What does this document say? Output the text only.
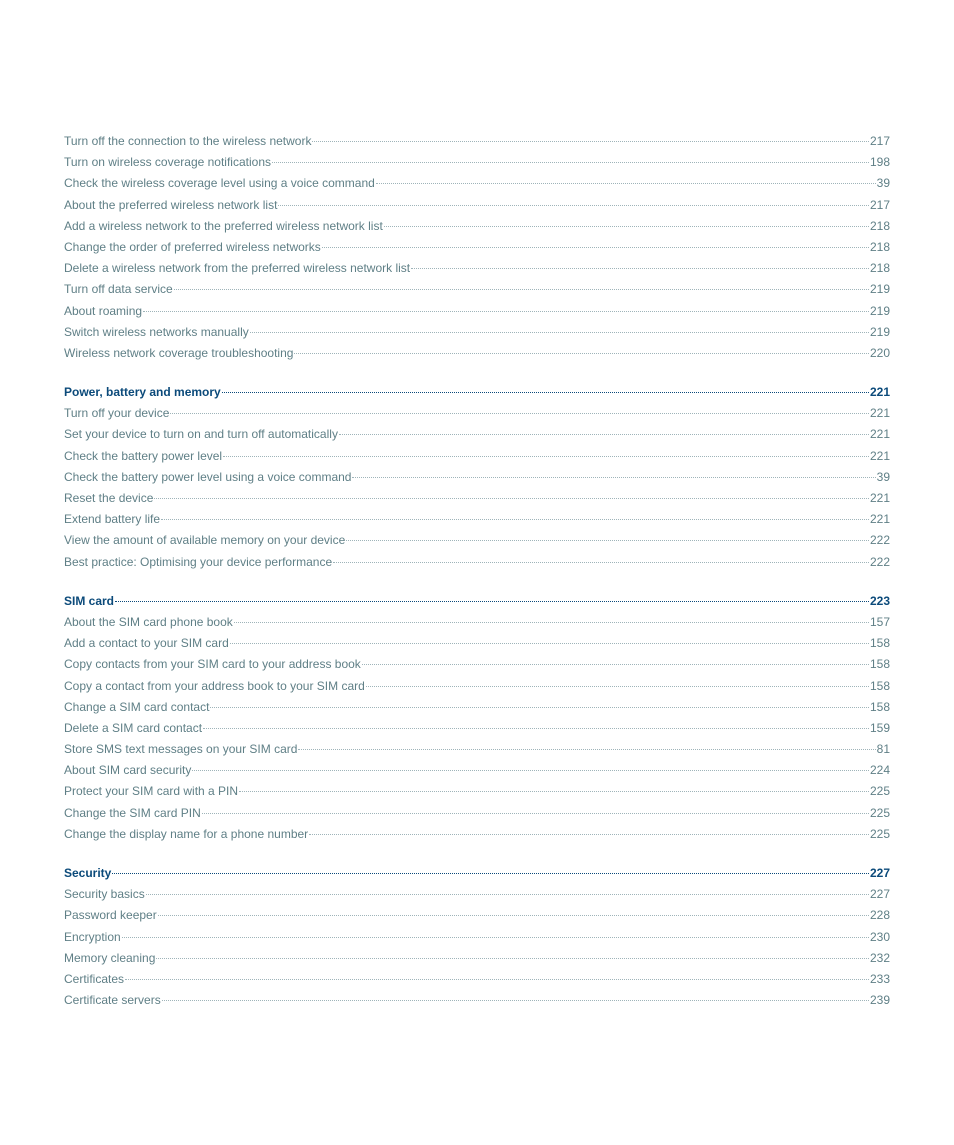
Turn off the connection to the wireless network	217
Turn on wireless coverage notifications	198
Check the wireless coverage level using a voice command	39
About the preferred wireless network list	217
Add a wireless network to the preferred wireless network list	218
Change the order of preferred wireless networks	218
Delete a wireless network from the preferred wireless network list	218
Turn off data service	219
About roaming	219
Switch wireless networks manually	219
Wireless network coverage troubleshooting	220
Power, battery and memory	221
Turn off your device	221
Set your device to turn on and turn off automatically	221
Check the battery power level	221
Check the battery power level using a voice command	39
Reset the device	221
Extend battery life	221
View the amount of available memory on your device	222
Best practice: Optimising your device performance	222
SIM card	223
About the SIM card phone book	157
Add a contact to your SIM card	158
Copy contacts from your SIM card to your address book	158
Copy a contact from your address book to your SIM card	158
Change a SIM card contact	158
Delete a SIM card contact	159
Store SMS text messages on your SIM card	81
About SIM card security	224
Protect your SIM card with a PIN	225
Change the SIM card PIN	225
Change the display name for a phone number	225
Security	227
Security basics	227
Password keeper	228
Encryption	230
Memory cleaning	232
Certificates	233
Certificate servers	239
